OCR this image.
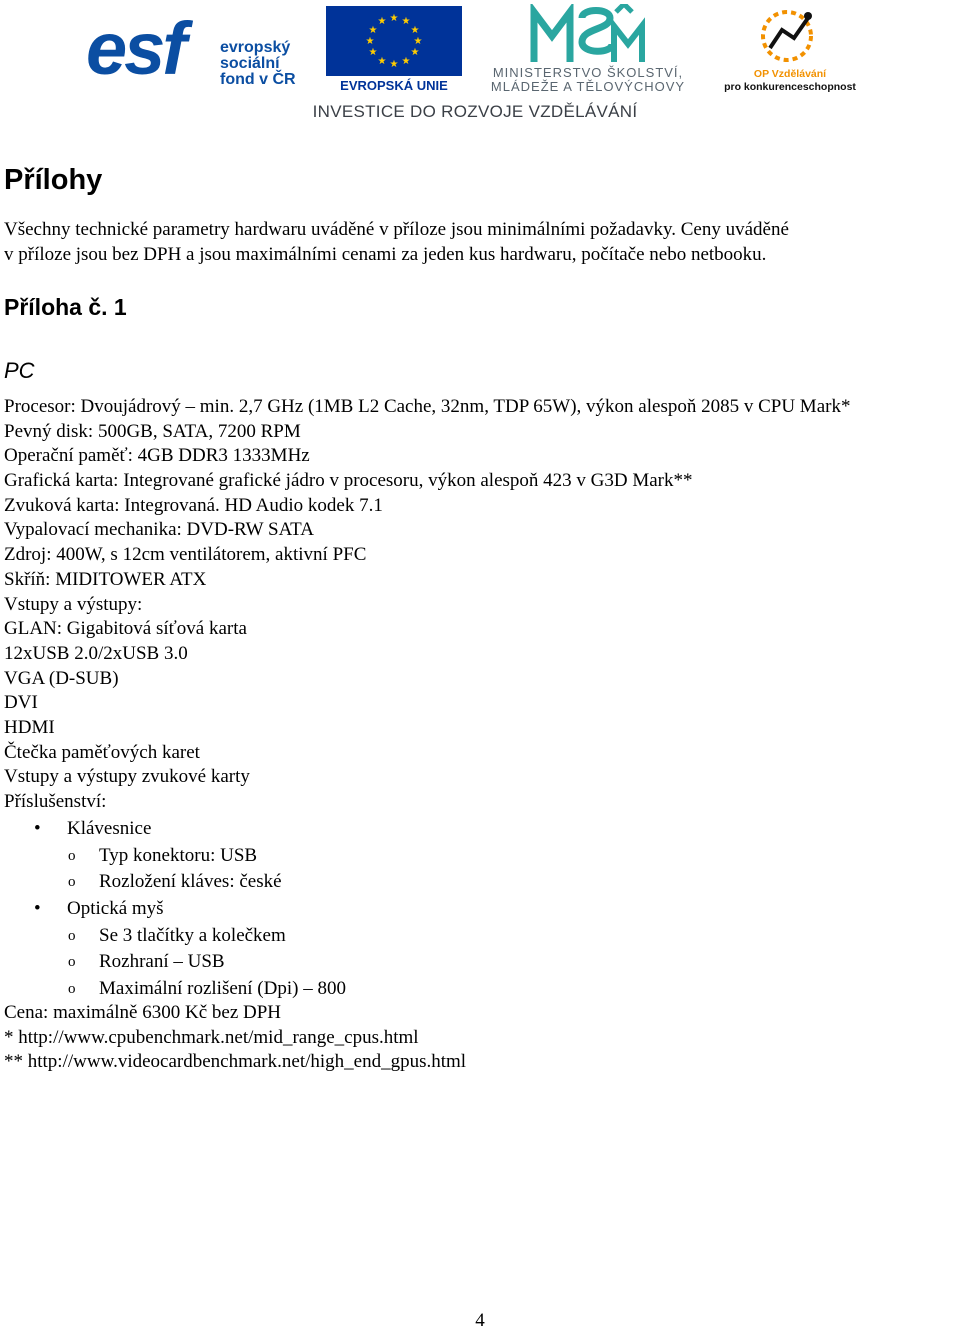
esf evropský
sociální
fond v ČR
★ ★
★
★
★
★
★
★
★
★
★
★
EVROPSKÁ UNIE
MINISTERSTVO ŠKOLSTVÍ,
MLÁDEŽE A TĚLOVÝCHOVY
OP Vzdělávání
pro konkurenceschopnost
INVESTICE DO ROZVOJE VZDĚLÁVÁNÍ
Přílohy
Všechny technické parametry hardwaru uváděné v příloze jsou minimálními požadavky. Ceny uváděné
v příloze jsou bez DPH a jsou maximálními cenami za jeden kus hardwaru, počítače nebo netbooku.
Příloha č. 1
PC
Procesor: Dvoujádrový – min. 2,7 GHz (1MB L2 Cache, 32nm, TDP 65W), výkon alespoň 2085 v CPU Mark*
Pevný disk: 500GB, SATA, 7200 RPM
Operační paměť: 4GB DDR3 1333MHz
Grafická karta: Integrované grafické jádro v procesoru, výkon alespoň 423 v G3D Mark**
Zvuková karta: Integrovaná. HD Audio kodek 7.1
Vypalovací mechanika: DVD-RW SATA
Zdroj: 400W, s 12cm ventilátorem, aktivní PFC
Skříň: MIDITOWER ATX
Vstupy a výstupy:
GLAN: Gigabitová síťová karta
12xUSB 2.0/2xUSB 3.0
VGA (D-SUB)
DVI
HDMI
Čtečka paměťových karet
Vstupy a výstupy zvukové karty
Příslušenství:
• Klávesnice
o Typ konektoru: USB
o Rozložení kláves: české
• Optická myš
o Se 3 tlačítky a kolečkem
o Rozhraní – USB
o Maximální rozlišení (Dpi) – 800
Cena: maximálně 6300 Kč bez DPH
* http://www.cpubenchmark.net/mid_range_cpus.html
** http://www.videocardbenchmark.net/high_end_gpus.html
4
